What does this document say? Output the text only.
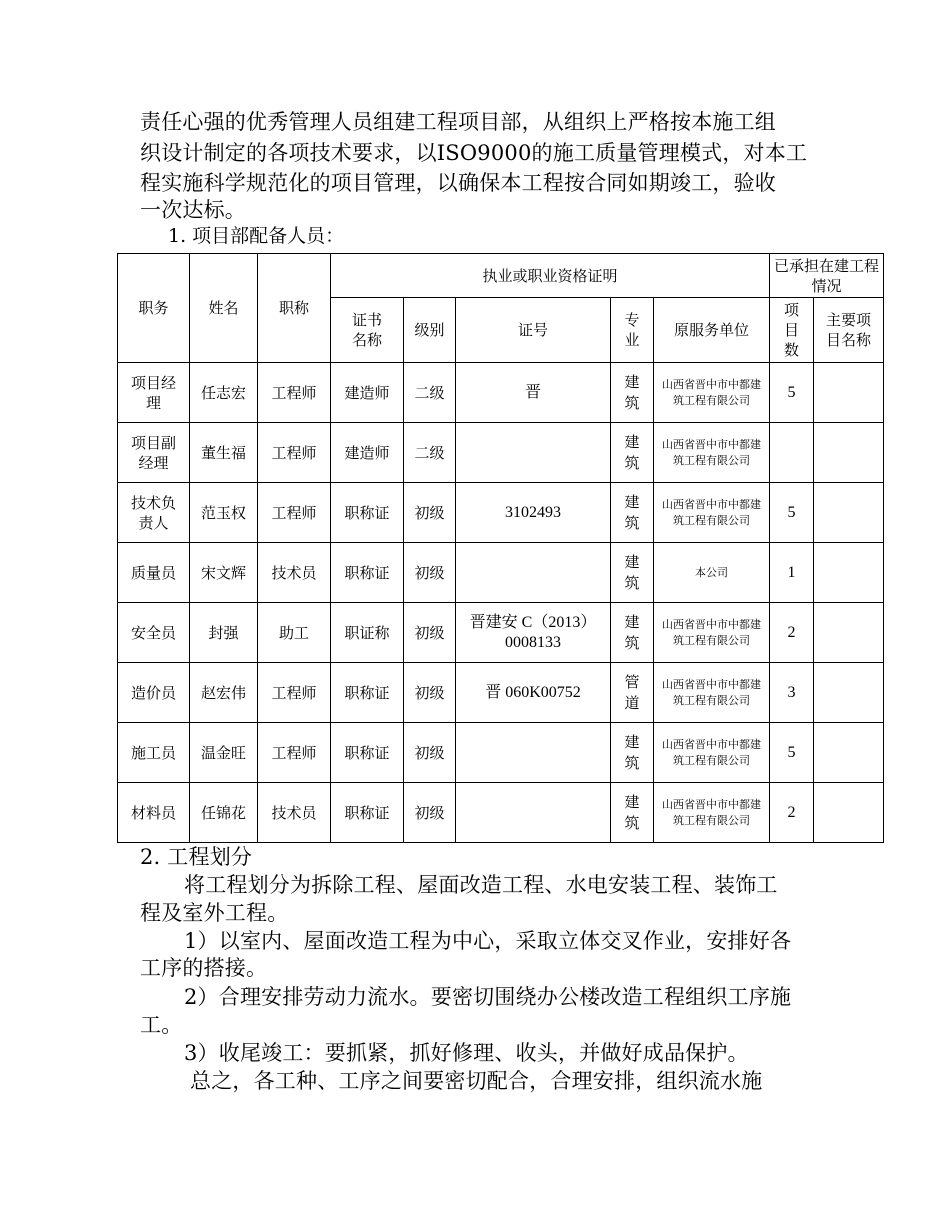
责任心强的优秀管理人员组建工程项目部，从组织上严格按本施工组
织设计制定的各项技术要求，以ISO9000的施工质量管理模式，对本工
程实施科学规范化的项目管理，以确保本工程按合同如期竣工，验收
一次达标。
1. 项目部配备人员：
职务	姓名	职称	执业或职业资格证明					已承担在建工程情况	
			证书名称	级别	证号	专业	原服务单位	项目数	主要项目名称
项目经理	任志宏	工程师	建造师	二级	晋	建筑	山西省晋中市中都建筑工程有限公司	5	
项目副经理	董生福	工程师	建造师	二级		建筑	山西省晋中市中都建筑工程有限公司		
技术负责人	范玉权	工程师	职称证	初级	3102493	建筑	山西省晋中市中都建筑工程有限公司	5	
质量员	宋文辉	技术员	职称证	初级		建筑	本公司	1	
安全员	封强	助工	职证称	初级	晋建安 C（2013）0008133	建筑	山西省晋中市中都建筑工程有限公司	2	
造价员	赵宏伟	工程师	职称证	初级	晋 060K00752	管道	山西省晋中市中都建筑工程有限公司	3	
施工员	温金旺	工程师	职称证	初级		建筑	山西省晋中市中都建筑工程有限公司	5	
材料员	任锦花	技术员	职称证	初级		建筑	山西省晋中市中都建筑工程有限公司	2	
2. 工程划分
将工程划分为拆除工程、屋面改造工程、水电安装工程、装饰工
程及室外工程。
1）以室内、屋面改造工程为中心，采取立体交叉作业，安排好各
工序的搭接。
2）合理安排劳动力流水。要密切围绕办公楼改造工程组织工序施
工。
3）收尾竣工：要抓紧，抓好修理、收头，并做好成品保护。
总之，各工种、工序之间要密切配合，合理安排，组织流水施
